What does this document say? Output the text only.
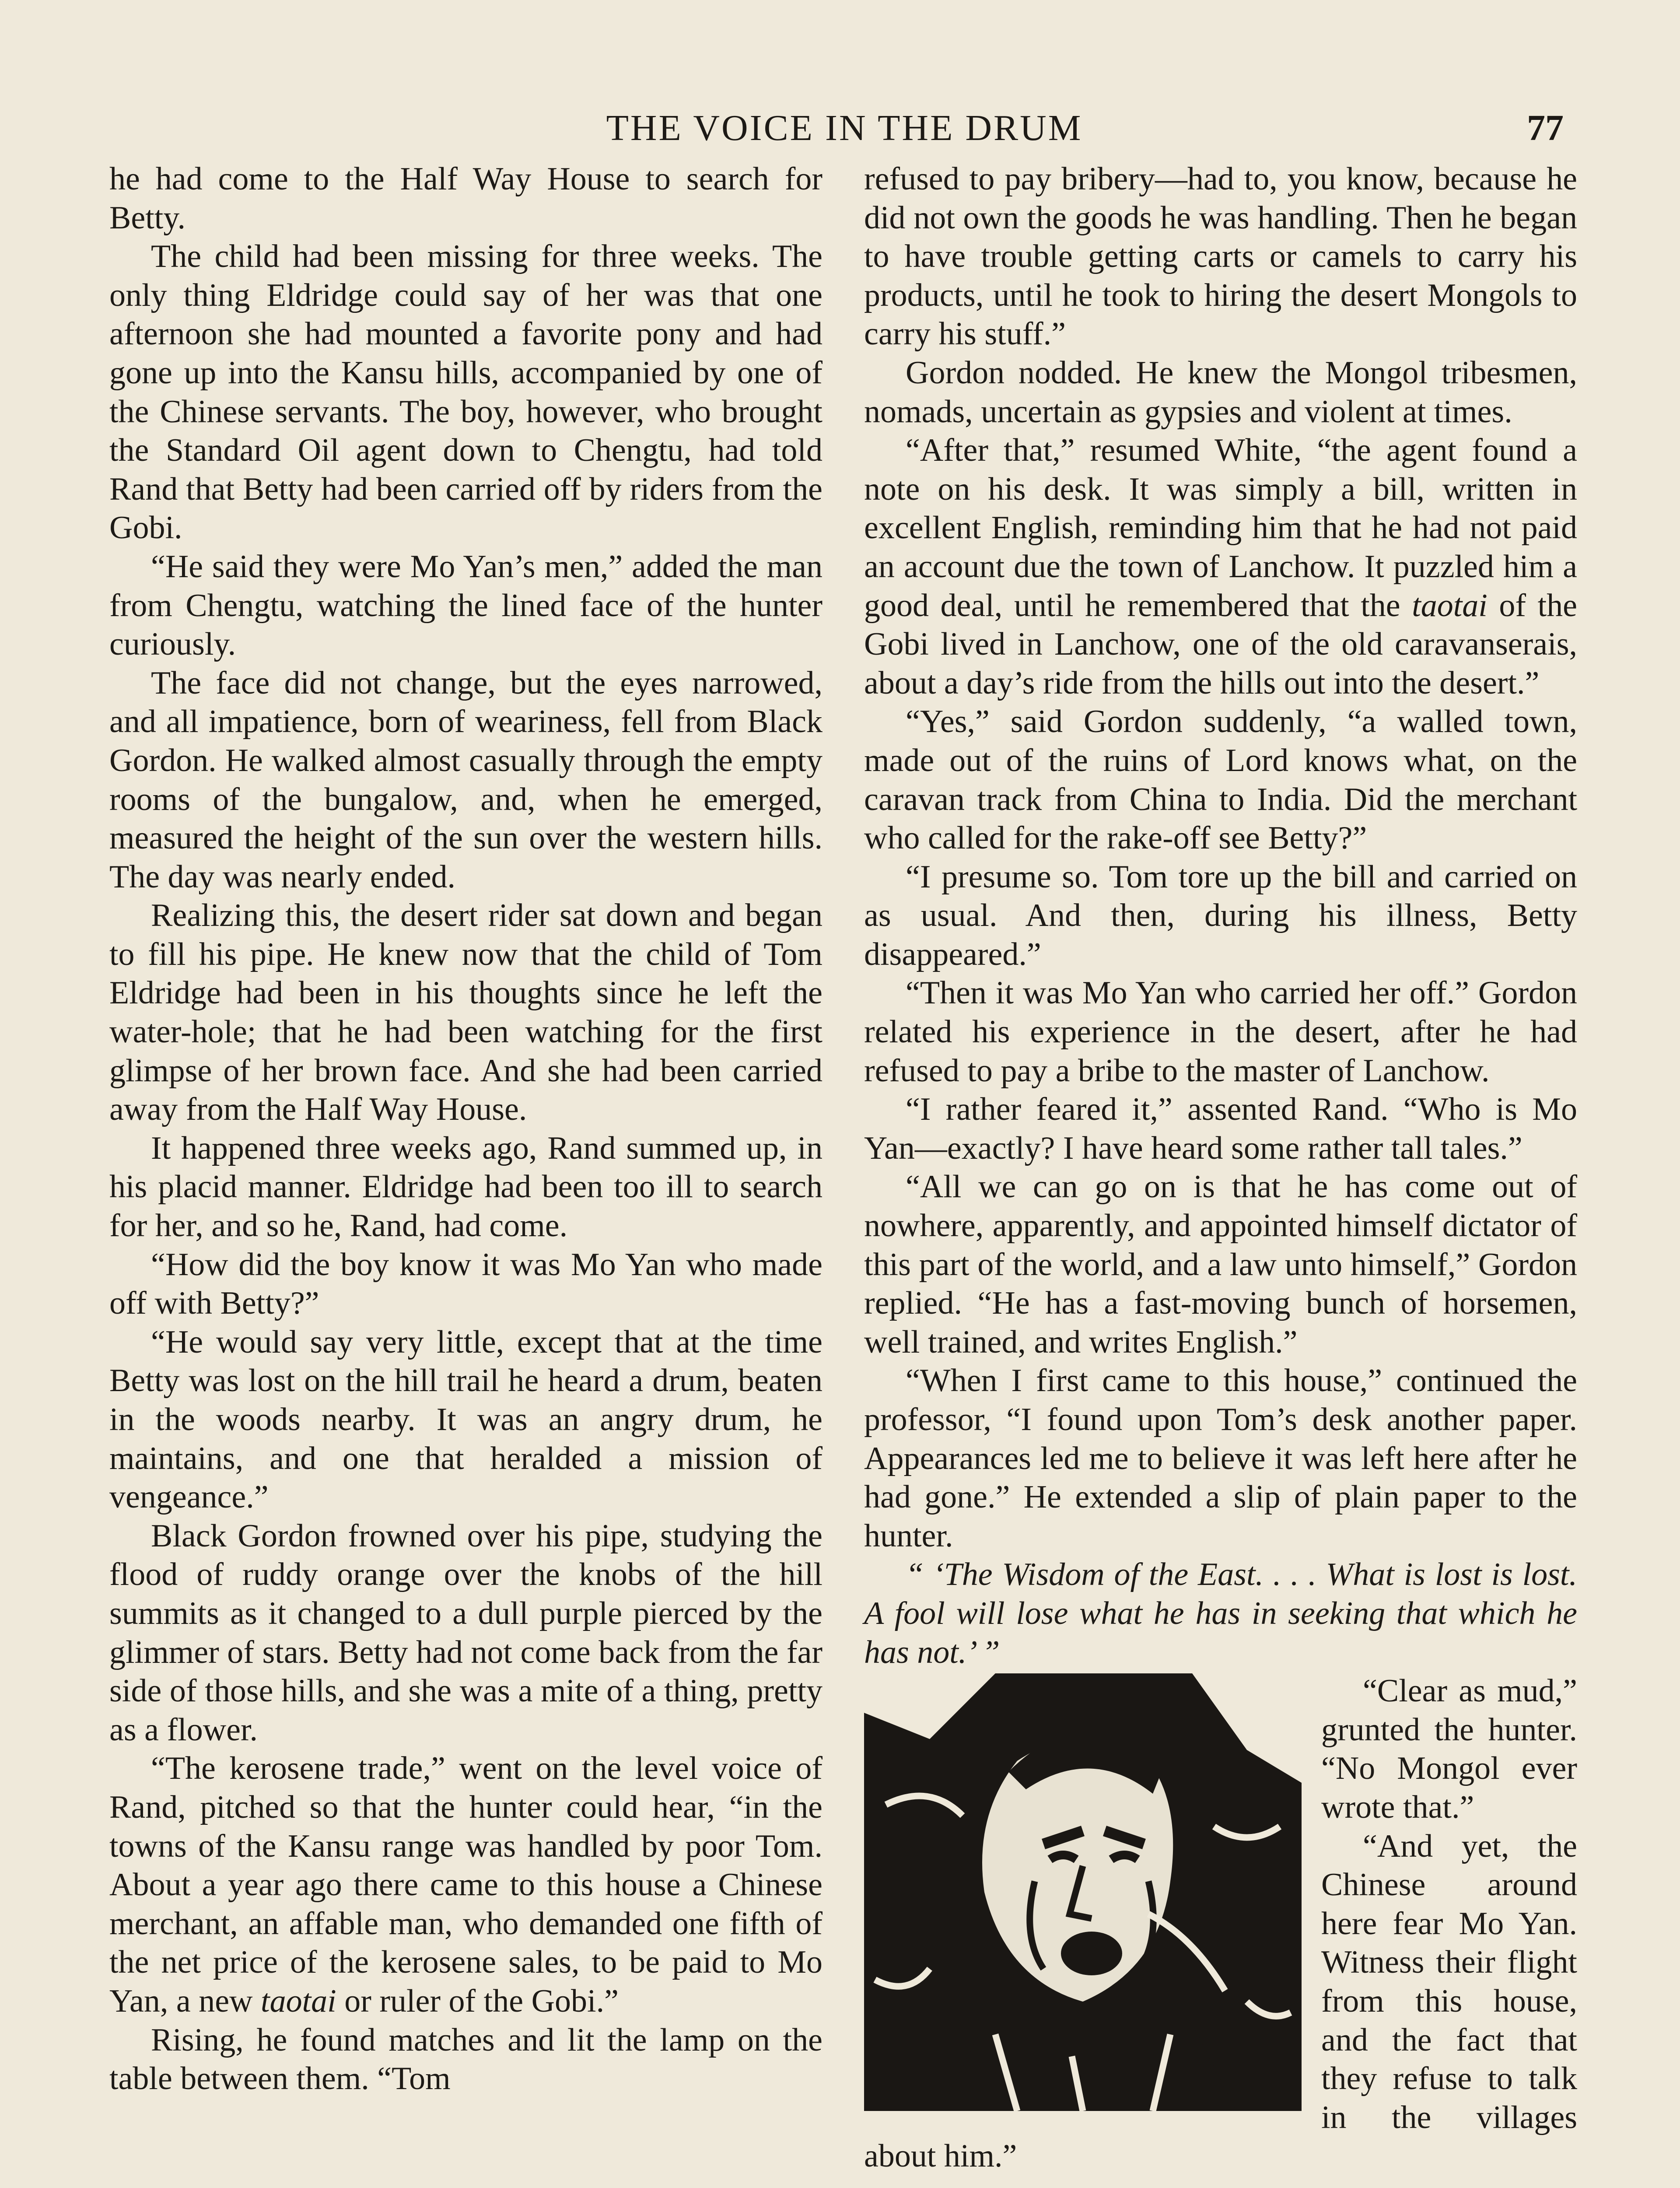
THE VOICE IN THE DRUM	77

he had come to the Half Way House to search for Betty.

The child had been missing for three weeks. The only thing Eldridge could say of her was that one afternoon she had mounted a favorite pony and had gone up into the Kansu hills, accompanied by one of the Chinese servants. The boy, however, who brought the Standard Oil agent down to Chengtu, had told Rand that Betty had been carried off by riders from the Gobi.

“He said they were Mo Yan’s men,” added the man from Chengtu, watching the lined face of the hunter curiously.

The face did not change, but the eyes narrowed, and all impatience, born of weariness, fell from Black Gordon. He walked almost casually through the empty rooms of the bungalow, and, when he emerged, measured the height of the sun over the western hills. The day was nearly ended.

Realizing this, the desert rider sat down and began to fill his pipe. He knew now that the child of Tom Eldridge had been in his thoughts since he left the water-hole; that he had been watching for the first glimpse of her brown face. And she had been carried away from the Half Way House.

It happened three weeks ago, Rand summed up, in his placid manner. Eldridge had been too ill to search for her, and so he, Rand, had come.

“How did the boy know it was Mo Yan who made off with Betty?”

“He would say very little, except that at the time Betty was lost on the hill trail he heard a drum, beaten in the woods nearby. It was an angry drum, he maintains, and one that heralded a mission of vengeance.”

Black Gordon frowned over his pipe, studying the flood of ruddy orange over the knobs of the hill summits as it changed to a dull purple pierced by the glimmer of stars. Betty had not come back from the far side of those hills, and she was a mite of a thing, pretty as a flower.

“The kerosene trade,” went on the level voice of Rand, pitched so that the hunter could hear, “in the towns of the Kansu range was handled by poor Tom. About a year ago there came to this house a Chinese merchant, an affable man, who demanded one fifth of the net price of the kerosene sales, to be paid to Mo Yan, a new taotai or ruler of the Gobi.”

Rising, he found matches and lit the lamp on the table between them. “Tom

refused to pay bribery—had to, you know, because he did not own the goods he was handling. Then he began to have trouble getting carts or camels to carry his products, until he took to hiring the desert Mongols to carry his stuff.”

Gordon nodded. He knew the Mongol tribesmen, nomads, uncertain as gypsies and violent at times.

“After that,” resumed White, “the agent found a note on his desk. It was simply a bill, written in excellent English, reminding him that he had not paid an account due the town of Lanchow. It puzzled him a good deal, until he remembered that the taotai of the Gobi lived in Lanchow, one of the old caravanserais, about a day’s ride from the hills out into the desert.”

“Yes,” said Gordon suddenly, “a walled town, made out of the ruins of Lord knows what, on the caravan track from China to India. Did the merchant who called for the rake-off see Betty?”

“I presume so. Tom tore up the bill and carried on as usual. And then, during his illness, Betty disappeared.”

“Then it was Mo Yan who carried her off.” Gordon related his experience in the desert, after he had refused to pay a bribe to the master of Lanchow.

“I rather feared it,” assented Rand. “Who is Mo Yan—exactly? I have heard some rather tall tales.”

“All we can go on is that he has come out of nowhere, apparently, and appointed himself dictator of this part of the world, and a law unto himself,” Gordon replied. “He has a fast-moving bunch of horsemen, well trained, and writes English.”

“When I first came to this house,” continued the professor, “I found upon Tom’s desk another paper. Appearances led me to believe it was left here after he had gone.” He extended a slip of plain paper to the hunter.

“ ‘The Wisdom of the East. . . . What is lost is lost. A fool will lose what he has in seeking that which he has not.’ ”

“Clear as mud,” grunted the hunter. “No Mongol ever wrote that.”

“And yet, the Chinese around here fear Mo Yan. Witness their flight from this house, and the fact that they refuse to talk in the villages about him.”
